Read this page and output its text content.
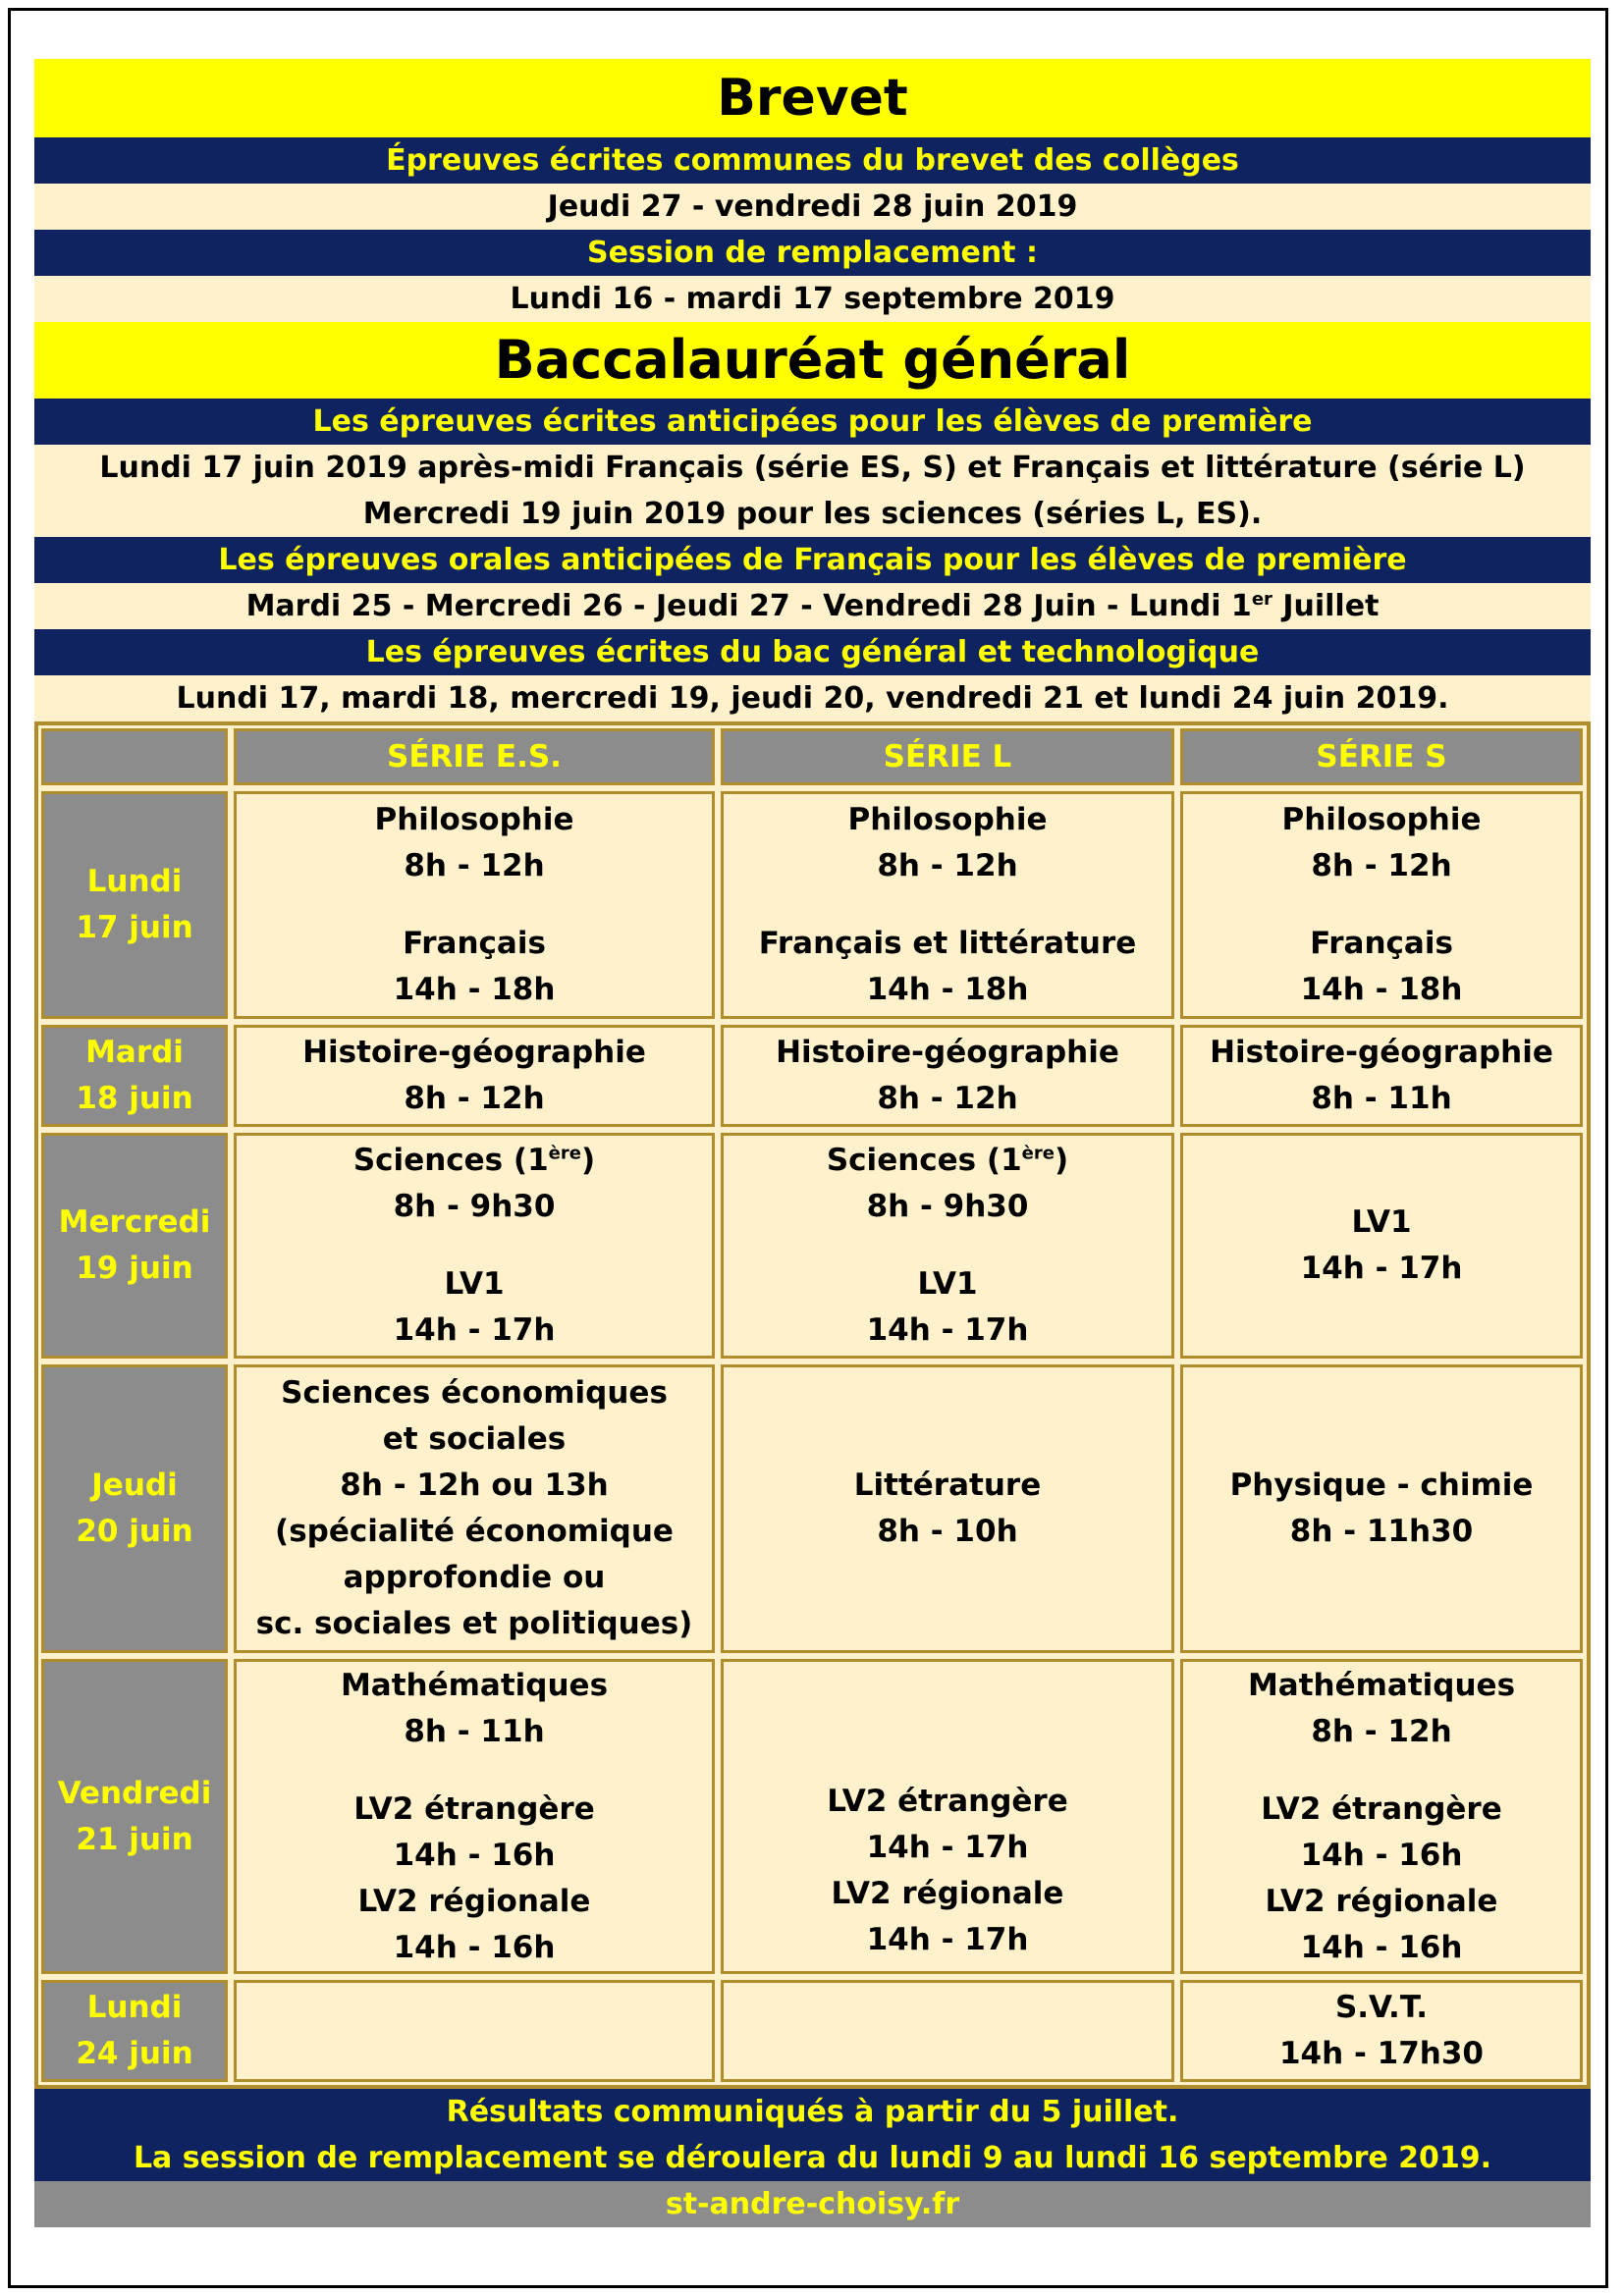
Brevet
Épreuves écrites communes du brevet des collèges
Jeudi 27 - vendredi 28 juin 2019
Session de remplacement :
Lundi 16 - mardi 17 septembre 2019
Baccalauréat général
Les épreuves écrites anticipées pour les élèves de première
Lundi 17 juin 2019 après-midi Français (série ES, S) et Français et littérature (série L)
Mercredi 19 juin 2019 pour les sciences (séries L, ES).
Les épreuves orales anticipées de Français pour les élèves de première
Mardi 25 - Mercredi 26 - Jeudi 27 - Vendredi 28 Juin - Lundi 1er Juillet
Les épreuves écrites du bac général et technologique
Lundi 17, mardi 18, mercredi 19, jeudi 20, vendredi 21 et lundi 24 juin 2019.
SÉRIE E.S.	SÉRIE L	SÉRIE S
Lundi
17 juin
Philosophie
8h - 12h
Français
14h - 18h
Philosophie
8h - 12h
Français et littérature
14h - 18h
Philosophie
8h - 12h
Français
14h - 18h
Mardi
18 juin
Histoire-géographie
8h - 12h
Histoire-géographie
8h - 12h
Histoire-géographie
8h - 11h
Mercredi
19 juin
Sciences (1ère)
8h - 9h30
LV1
14h - 17h
Sciences (1ère)
8h - 9h30
LV1
14h - 17h
LV1
14h - 17h
Jeudi
20 juin
Sciences économiques
et sociales
8h - 12h ou 13h
(spécialité économique
approfondie ou
sc. sociales et politiques)
Littérature
8h - 10h
Physique - chimie
8h - 11h30
Vendredi
21 juin
Mathématiques
8h - 11h
LV2 étrangère
14h - 16h
LV2 régionale
14h - 16h
LV2 étrangère
14h - 17h
LV2 régionale
14h - 17h
Mathématiques
8h - 12h
LV2 étrangère
14h - 16h
LV2 régionale
14h - 16h
Lundi
24 juin
S.V.T.
14h - 17h30
Résultats communiqués à partir du 5 juillet.
La session de remplacement se déroulera du lundi 9 au lundi 16 septembre 2019.
st-andre-choisy.fr
